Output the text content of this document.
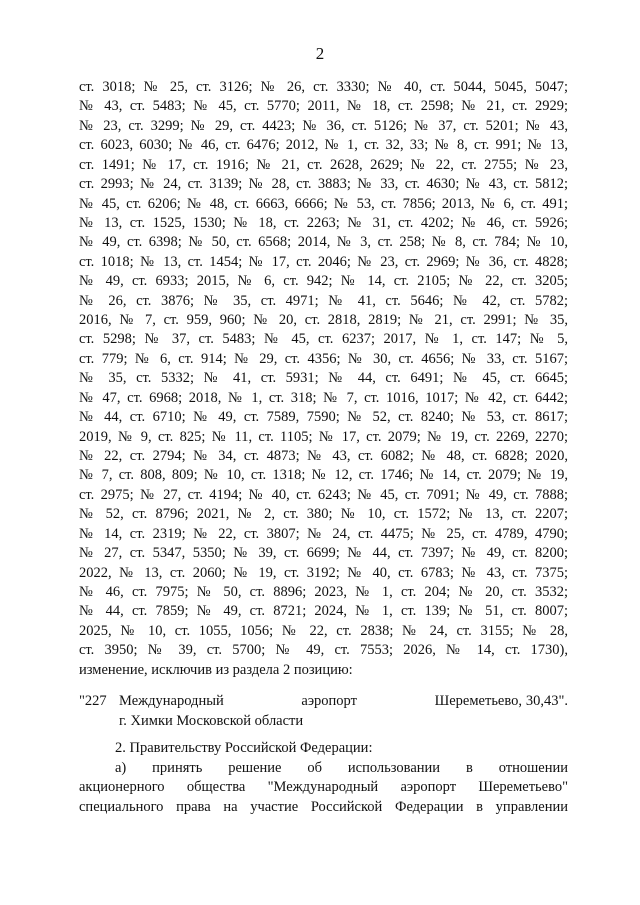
2
ст. 3018; № 25, ст. 3126; № 26, ст. 3330; № 40, ст. 5044, 5045, 5047;
№ 43, ст. 5483; № 45, ст. 5770; 2011, № 18, ст. 2598; № 21, ст. 2929;
№ 23, ст. 3299; № 29, ст. 4423; № 36, ст. 5126; № 37, ст. 5201; № 43,
ст. 6023, 6030; № 46, ст. 6476; 2012, № 1, ст. 32, 33; № 8, ст. 991; № 13,
ст. 1491; № 17, ст. 1916; № 21, ст. 2628, 2629; № 22, ст. 2755; № 23,
ст. 2993; № 24, ст. 3139; № 28, ст. 3883; № 33, ст. 4630; № 43, ст. 5812;
№ 45, ст. 6206; № 48, ст. 6663, 6666; № 53, ст. 7856; 2013, № 6, ст. 491;
№ 13, ст. 1525, 1530; № 18, ст. 2263; № 31, ст. 4202; № 46, ст. 5926;
№ 49, ст. 6398; № 50, ст. 6568; 2014, № 3, ст. 258; № 8, ст. 784; № 10,
ст. 1018; № 13, ст. 1454; № 17, ст. 2046; № 23, ст. 2969; № 36, ст. 4828;
№ 49, ст. 6933; 2015, № 6, ст. 942; № 14, ст. 2105; № 22, ст. 3205;
№ 26, ст. 3876; № 35, ст. 4971; № 41, ст. 5646; № 42, ст. 5782;
2016, № 7, ст. 959, 960; № 20, ст. 2818, 2819; № 21, ст. 2991; № 35,
ст. 5298; № 37, ст. 5483; № 45, ст. 6237; 2017, № 1, ст. 147; № 5,
ст. 779; № 6, ст. 914; № 29, ст. 4356; № 30, ст. 4656; № 33, ст. 5167;
№ 35, ст. 5332; № 41, ст. 5931; № 44, ст. 6491; № 45, ст. 6645;
№ 47, ст. 6968; 2018, № 1, ст. 318; № 7, ст. 1016, 1017; № 42, ст. 6442;
№ 44, ст. 6710; № 49, ст. 7589, 7590; № 52, ст. 8240; № 53, ст. 8617;
2019, № 9, ст. 825; № 11, ст. 1105; № 17, ст. 2079; № 19, ст. 2269, 2270;
№ 22, ст. 2794; № 34, ст. 4873; № 43, ст. 6082; № 48, ст. 6828; 2020,
№ 7, ст. 808, 809; № 10, ст. 1318; № 12, ст. 1746; № 14, ст. 2079; № 19,
ст. 2975; № 27, ст. 4194; № 40, ст. 6243; № 45, ст. 7091; № 49, ст. 7888;
№ 52, ст. 8796; 2021, № 2, ст. 380; № 10, ст. 1572; № 13, ст. 2207;
№ 14, ст. 2319; № 22, ст. 3807; № 24, ст. 4475; № 25, ст. 4789, 4790;
№ 27, ст. 5347, 5350; № 39, ст. 6699; № 44, ст. 7397; № 49, ст. 8200;
2022, № 13, ст. 2060; № 19, ст. 3192; № 40, ст. 6783; № 43, ст. 7375;
№ 46, ст. 7975; № 50, ст. 8896; 2023, № 1, ст. 204; № 20, ст. 3532;
№ 44, ст. 7859; № 49, ст. 8721; 2024, № 1, ст. 139; № 51, ст. 8007;
2025, № 10, ст. 1055, 1056; № 22, ст. 2838; № 24, ст. 3155; № 28,
ст. 3950; № 39, ст. 5700; № 49, ст. 7553; 2026, № 14, ст. 1730),
изменение, исключив из раздела 2 позицию:
"227 Международный аэропорт Шереметьево, 30,43".
г. Химки Московской области
2. Правительству Российской Федерации:
а) принять решение об использовании в отношении
акционерного общества "Международный аэропорт Шереметьево"
специального права на участие Российской Федерации в управлении
